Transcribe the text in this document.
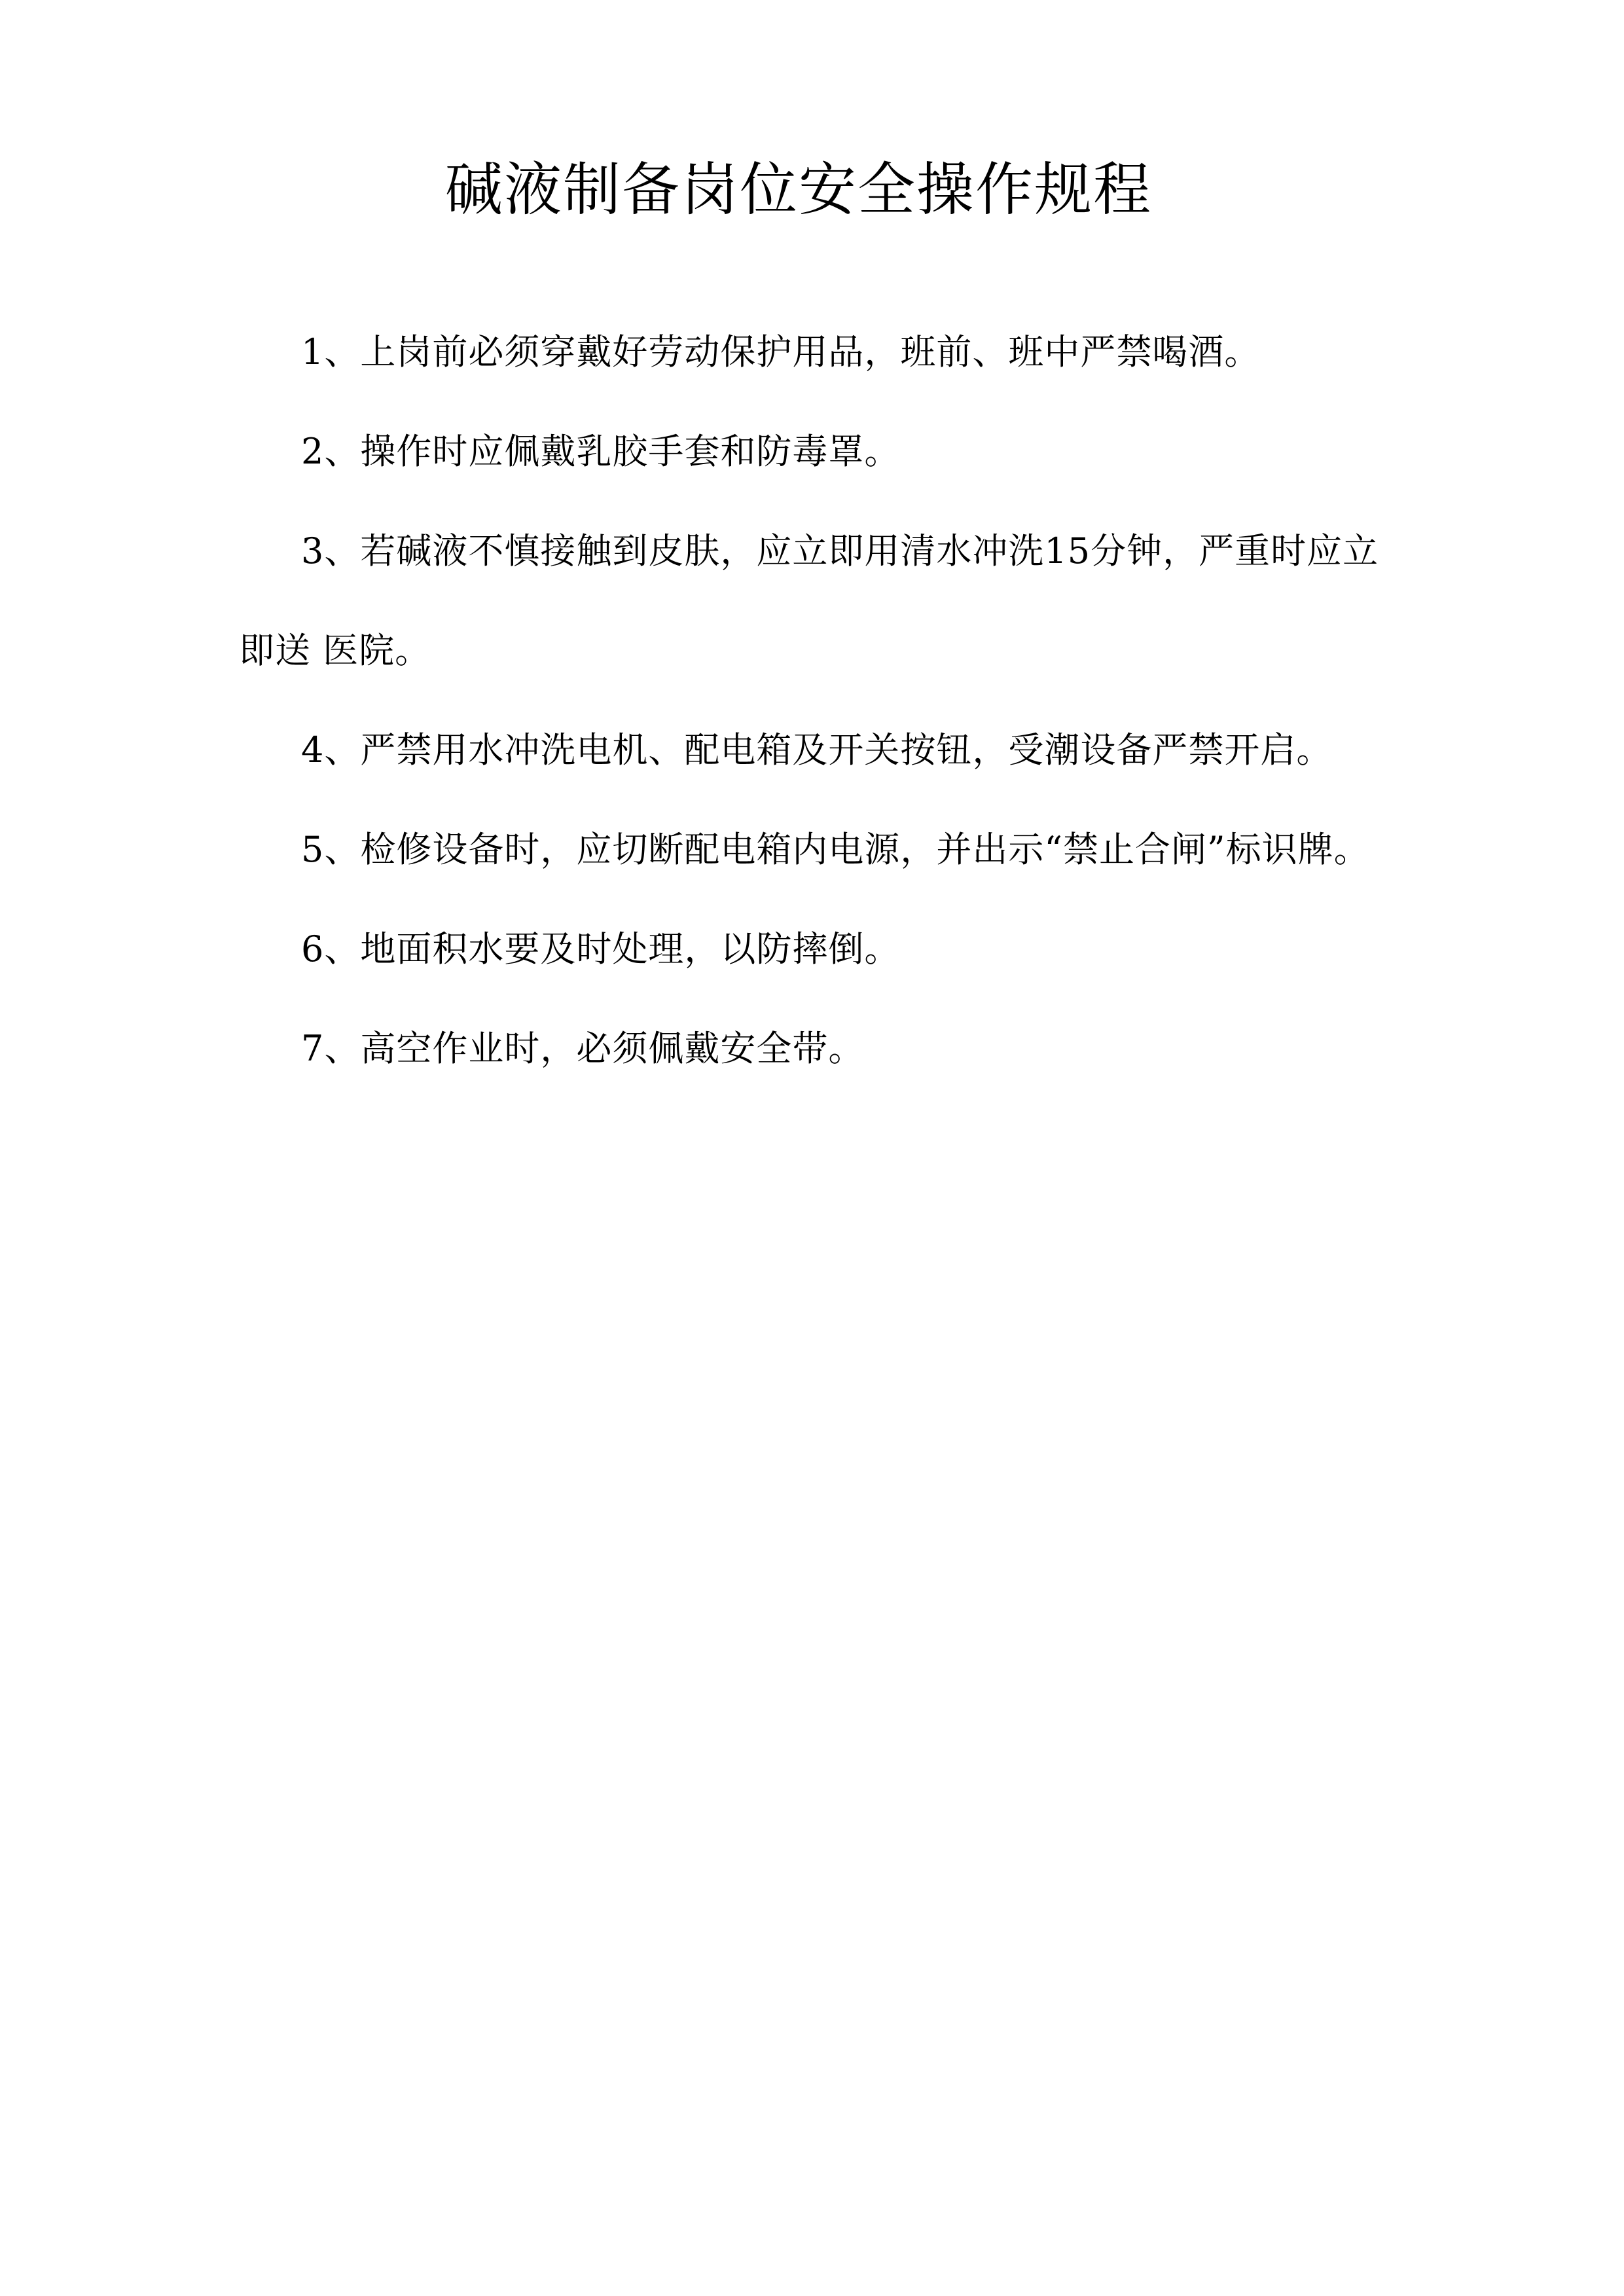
碱液制备岗位安全操作规程
1、上岗前必须穿戴好劳动保护用品，班前、班中严禁喝酒。
2、操作时应佩戴乳胶手套和防毒罩。
3、若碱液不慎接触到皮肤，应立即用清水冲洗15分钟，严重时应立即送 医院。
4、严禁用水冲洗电机、配电箱及开关按钮，受潮设备严禁开启。
5、检修设备时，应切断配电箱内电源，并出示“禁止合闸”标识牌。
6、地面积水要及时处理，以防摔倒。
7、高空作业时，必须佩戴安全带。
